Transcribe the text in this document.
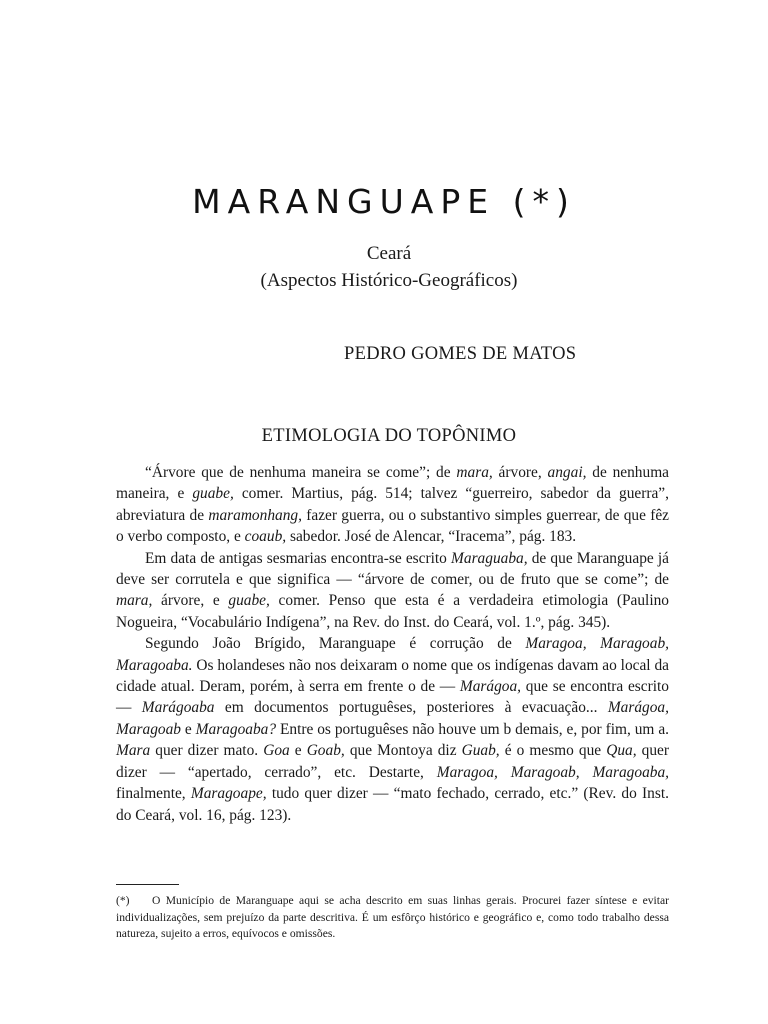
MARANGUAPE (*)
Ceará
(Aspectos Histórico-Geográficos)
PEDRO GOMES DE MATOS
ETIMOLOGIA DO TOPÔNIMO

“Árvore que de nenhuma maneira se come”; de mara, árvore, angai, de nenhuma maneira, e guabe, comer. Martius, pág. 514; talvez “guerreiro, sabedor da guerra”, abreviatura de maramonhang, fazer guerra, ou o substantivo simples guerrear, de que fêz o verbo composto, e coaub, sabedor. José de Alencar, “Iracema”, pág. 183.

Em data de antigas sesmarias encontra-se escrito Maraguaba, de que Maranguape já deve ser corrutela e que significa — “árvore de comer, ou de fruto que se come”; de mara, árvore, e guabe, comer. Penso que esta é a verdadeira etimologia (Paulino Nogueira, “Vocabulário Indígena”, na Rev. do Inst. do Ceará, vol. 1.º, pág. 345).

Segundo João Brígido, Maranguape é corrução de Maragoa, Maragoab, Maragoaba. Os holandeses não nos deixaram o nome que os indígenas davam ao local da cidade atual. Deram, porém, à serra em frente o de — Marágoa, que se encontra escrito — Marágoaba em documentos portuguêses, posteriores à evacuação... Marágoa, Maragoab e Maragoaba? Entre os portuguêses não houve um b demais, e, por fim, um a. Mara quer dizer mato. Goa e Goab, que Montoya diz Guab, é o mesmo que Qua, quer dizer — “apertado, cerrado”, etc. Destarte, Maragoa, Maragoab, Maragoaba, finalmente, Maragoape, tudo quer dizer — “mato fechado, cerrado, etc.” (Rev. do Inst. do Ceará, vol. 16, pág. 123).

(*) O Município de Maranguape aqui se acha descrito em suas linhas gerais. Procurei fazer síntese e evitar individualizações, sem prejuízo da parte descritiva. É um esfôrço histórico e geográfico e, como todo trabalho dessa natureza, sujeito a erros, equívocos e omissões.
